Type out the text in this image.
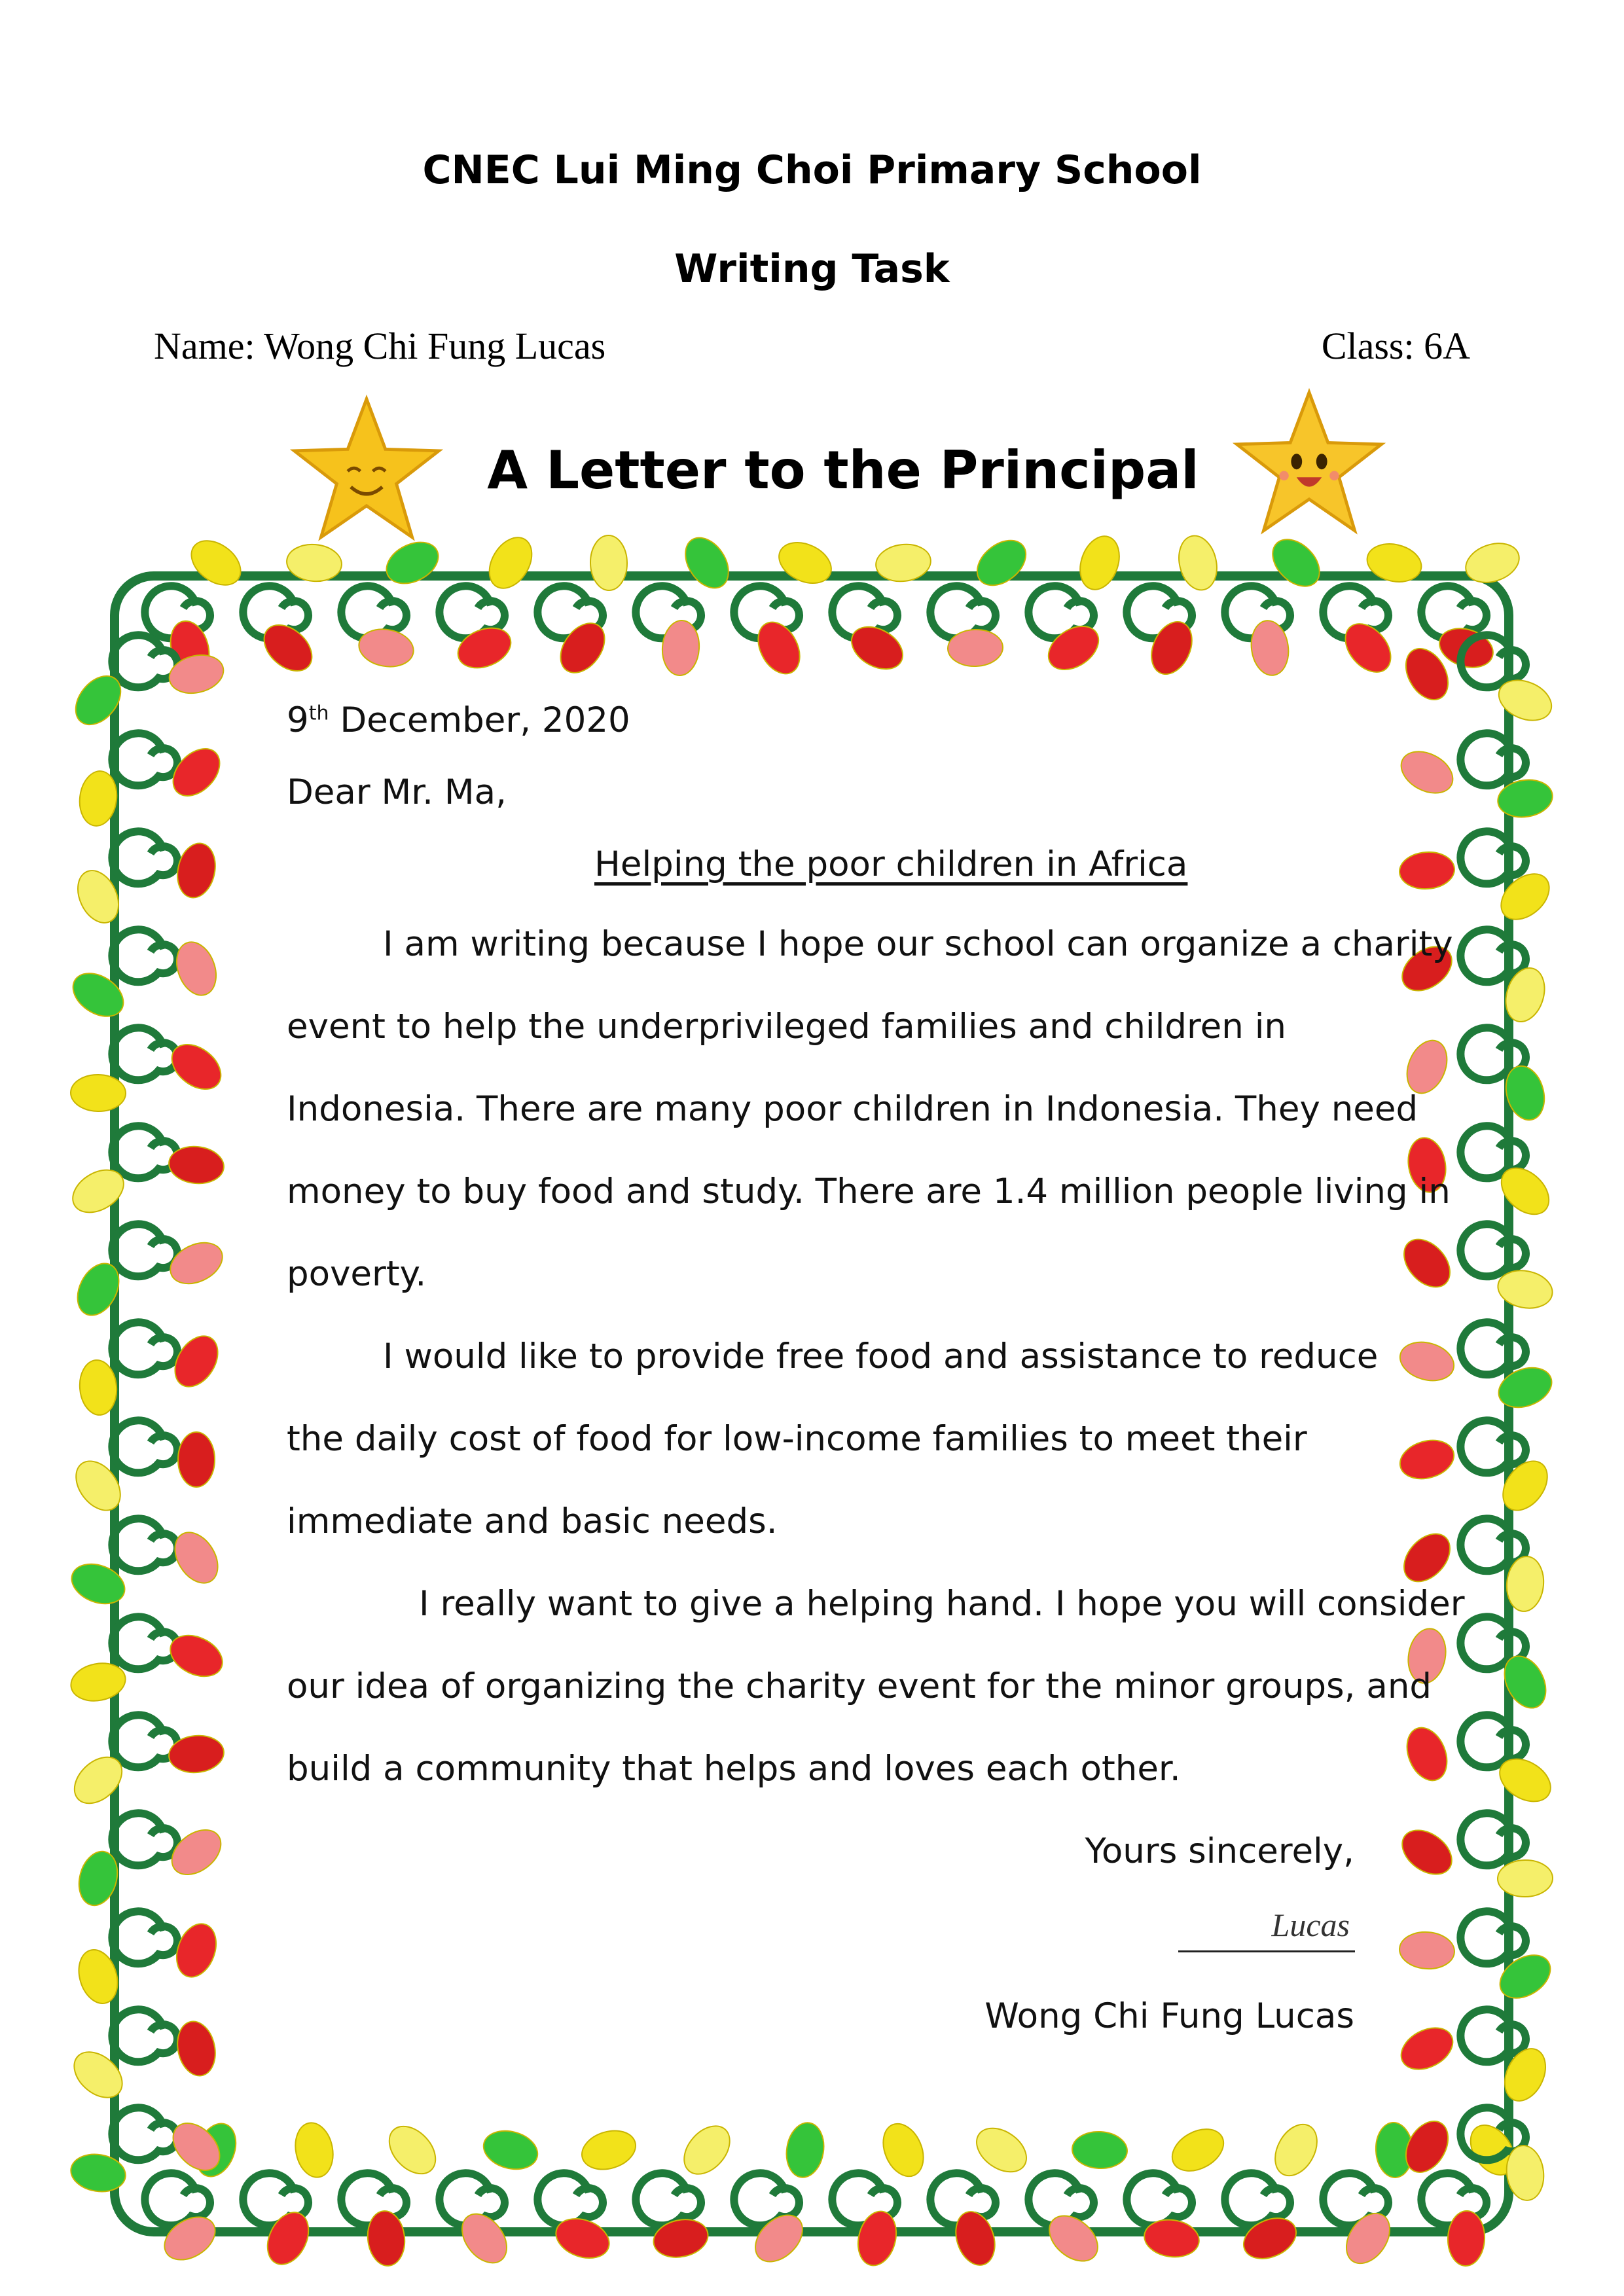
CNEC Lui Ming Choi Primary School
Writing Task
Name: Wong Chi Fung Lucas	Class: 6A
A Letter to the Principal
9th December, 2020
Dear Mr. Ma,
Helping the poor children in Africa
I am writing because I hope our school can organize a charity
event to help the underprivileged families and children in
Indonesia. There are many poor children in Indonesia. They need
money to buy food and study. There are 1.4 million people living in
poverty.
I would like to provide free food and assistance to reduce
the daily cost of food for low-income families to meet their
immediate and basic needs.
I really want to give a helping hand. I hope you will consider
our idea of organizing the charity event for the minor groups, and
build a community that helps and loves each other.
Yours sincerely,
Lucas
Wong Chi Fung Lucas
